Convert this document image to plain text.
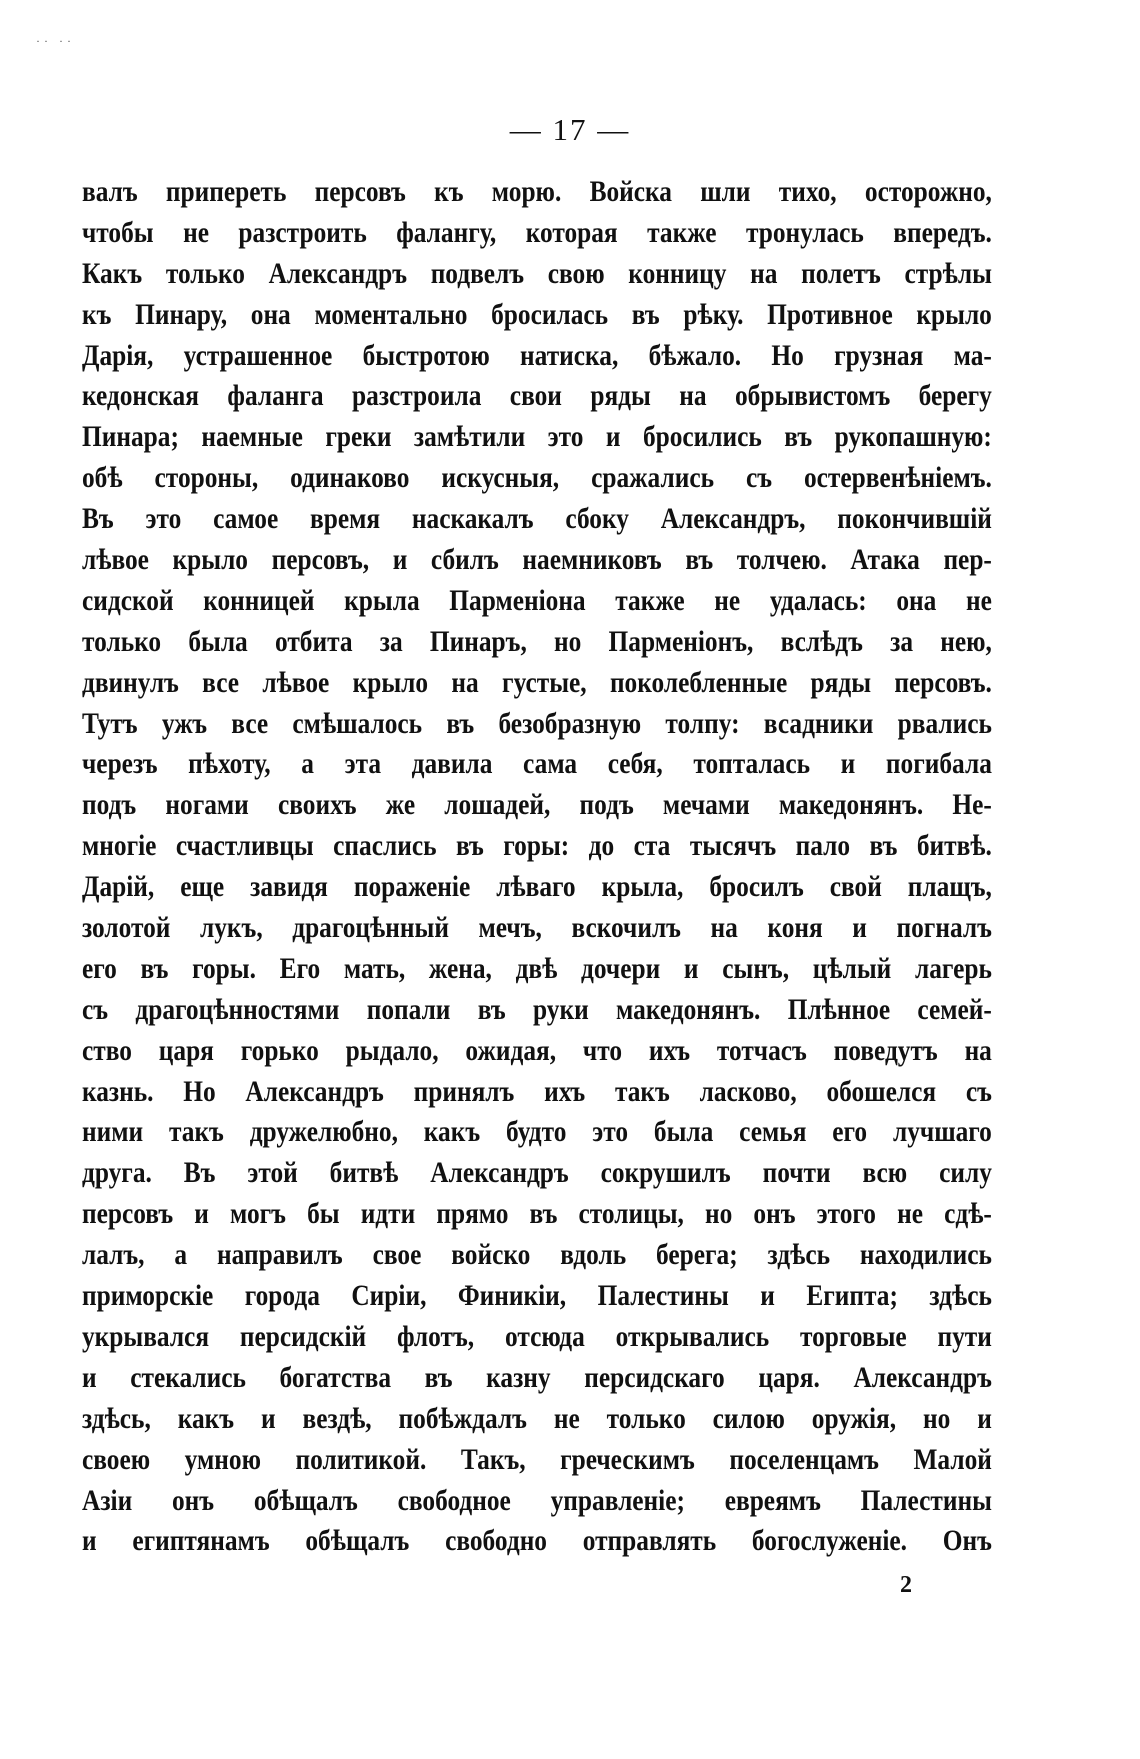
·· ··
— 17 —
валъ припереть персовъ къ морю. Войска шли тихо, осторожно,
чтобы не разстроить фалангу, которая также тронулась впередъ.
Какъ только Александръ подвелъ свою конницу на полетъ стрѣлы
къ Пинару, она моментально бросилась въ рѣку. Противное крыло
Дарія, устрашенное быстротою натиска, бѣжало. Но грузная ма-
кедонская фаланга разстроила свои ряды на обрывистомъ берегу
Пинара; наемные греки замѣтили это и бросились въ рукопашную:
обѣ стороны, одинаково искусныя, сражались съ остервенѣніемъ.
Въ это самое время наскакалъ сбоку Александръ, покончившій
лѣвое крыло персовъ, и сбилъ наемниковъ въ толчею. Атака пер-
сидской конницей крыла Парменіона также не удалась: она не
только была отбита за Пинаръ, но Парменіонъ, вслѣдъ за нею,
двинулъ все лѣвое крыло на густые, поколебленные ряды персовъ.
Тутъ ужъ все смѣшалось въ безобразную толпу: всадники рвались
черезъ пѣхоту, а эта давила сама себя, топталась и погибала
подъ ногами своихъ же лошадей, подъ мечами македонянъ. Не-
многіе счастливцы спаслись въ горы: до ста тысячъ пало въ битвѣ.
Дарій, еще завидя пораженіе лѣваго крыла, бросилъ свой плащъ,
золотой лукъ, драгоцѣнный мечъ, вскочилъ на коня и погналъ
его въ горы. Его мать, жена, двѣ дочери и сынъ, цѣлый лагерь
съ драгоцѣнностями попали въ руки македонянъ. Плѣнное семей-
ство царя горько рыдало, ожидая, что ихъ тотчасъ поведутъ на
казнь. Но Александръ принялъ ихъ такъ ласково, обошелся съ
ними такъ дружелюбно, какъ будто это была семья его лучшаго
друга. Въ этой битвѣ Александръ сокрушилъ почти всю силу
персовъ и могъ бы идти прямо въ столицы, но онъ этого не сдѣ-
лалъ, а направилъ свое войско вдоль берега; здѣсь находились
приморскіе города Сиріи, Финикіи, Палестины и Египта; здѣсь
укрывался персидскій флотъ, отсюда открывались торговые пути
и стекались богатства въ казну персидскаго царя. Александръ
здѣсь, какъ и вездѣ, побѣждалъ не только силою оружія, но и
своею умною политикой. Такъ, греческимъ поселенцамъ Малой
Азіи онъ обѣщалъ свободное управленіе; евреямъ Палестины
и египтянамъ обѣщалъ свободно отправлять богослуженіе. Онъ
2
